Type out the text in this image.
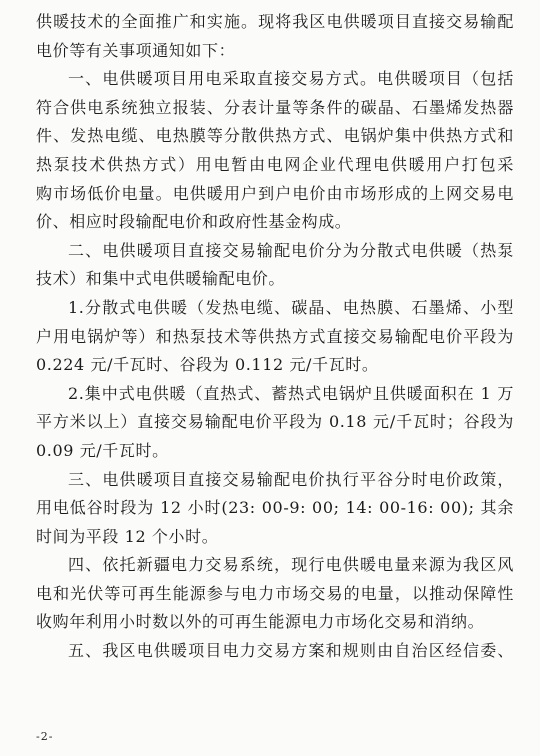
供暖技术的全面推广和实施。现将我区电供暖项目直接交易输配
电价等有关事项通知如下：
一、电供暖项目用电采取直接交易方式。电供暖项目（包括
符合供电系统独立报装、分表计量等条件的碳晶、石墨烯发热器
件、发热电缆、电热膜等分散供热方式、电锅炉集中供热方式和
热泵技术供热方式）用电暂由电网企业代理电供暖用户打包采
购市场低价电量。电供暖用户到户电价由市场形成的上网交易电
价、相应时段输配电价和政府性基金构成。
二、电供暖项目直接交易输配电价分为分散式电供暖（热泵
技术）和集中式电供暖输配电价。
1.分散式电供暖（发热电缆、碳晶、电热膜、石墨烯、小型
户用电锅炉等）和热泵技术等供热方式直接交易输配电价平段为
0.224 元/千瓦时、谷段为 0.112 元/千瓦时。
2.集中式电供暖（直热式、蓄热式电锅炉且供暖面积在 1 万
平方米以上）直接交易输配电价平段为 0.18 元/千瓦时；谷段为
0.09 元/千瓦时。
三、电供暖项目直接交易输配电价执行平谷分时电价政策，
用电低谷时段为 12 小时(23: 00-9: 00; 14: 00-16: 00); 其余
时间为平段 12 个小时。
四、依托新疆电力交易系统，现行电供暖电量来源为我区风
电和光伏等可再生能源参与电力市场交易的电量，以推动保障性
收购年利用小时数以外的可再生能源电力市场化交易和消纳。
五、我区电供暖项目电力交易方案和规则由自治区经信委、
-2-
